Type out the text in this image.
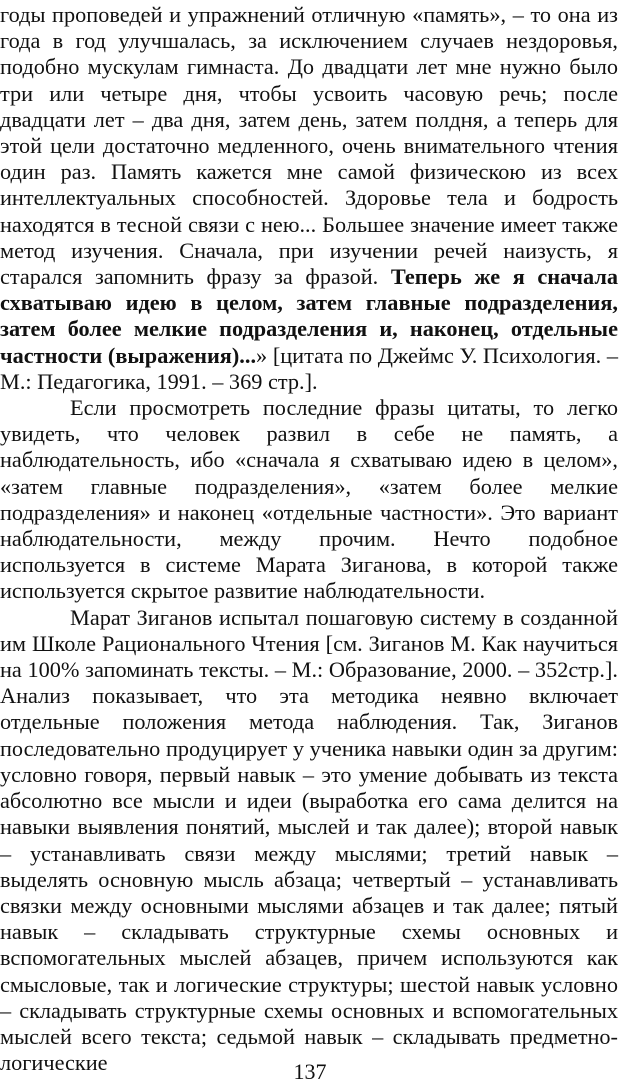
годы проповедей и упражнений отличную «память», – то она из года в год улучшалась, за исключением случаев нездоровья, подобно мускулам гимнаста. До двадцати лет мне нужно было три или четыре дня, чтобы усвоить часовую речь; после двадцати лет – два дня, затем день, затем полдня, а теперь для этой цели достаточно медленного, очень внимательного чтения один раз. Память кажется мне самой физическою из всех интеллектуальных способностей. Здоровье тела и бодрость находятся в тесной связи с нею... Большее значение имеет также метод изучения. Сначала, при изучении речей наизусть, я старался запомнить фразу за фразой. Теперь же я сначала схватываю идею в целом, затем главные подразделения, затем более мелкие подразделения и, наконец, отдельные частности (выражения)...» [цитата по Джеймс У. Психология. – М.: Педагогика, 1991. – 369 стр.].

Если просмотреть последние фразы цитаты, то легко увидеть, что человек развил в себе не память, а наблюдательность, ибо «сначала я схватываю идею в целом», «затем главные подразделения», «затем более мелкие подразделения» и наконец «отдельные частности». Это вариант наблюдательности, между прочим. Нечто подобное используется в системе Марата Зиганова, в которой также используется скрытое развитие наблюдательности.

Марат Зиганов испытал пошаговую систему в созданной им Школе Рационального Чтения [см. Зиганов М. Как научиться на 100% запоминать тексты. – М.: Образование, 2000. – 352стр.]. Анализ показывает, что эта методика неявно включает отдельные положения метода наблюдения. Так, Зиганов последовательно продуцирует у ученика навыки один за другим: условно говоря, первый навык – это умение добывать из текста абсолютно все мысли и идеи (выработка его сама делится на навыки выявления понятий, мыслей и так далее); второй навык – устанавливать связи между мыслями; третий навык – выделять основную мысль абзаца; четвертый – устанавливать связки между основными мыслями абзацев и так далее; пятый навык – складывать структурные схемы основных и вспомогательных мыслей абзацев, причем используются как смысловые, так и логические структуры; шестой навык условно – складывать структурные схемы основных и вспомогательных мыслей всего текста; седьмой навык – складывать предметно-логические	137
